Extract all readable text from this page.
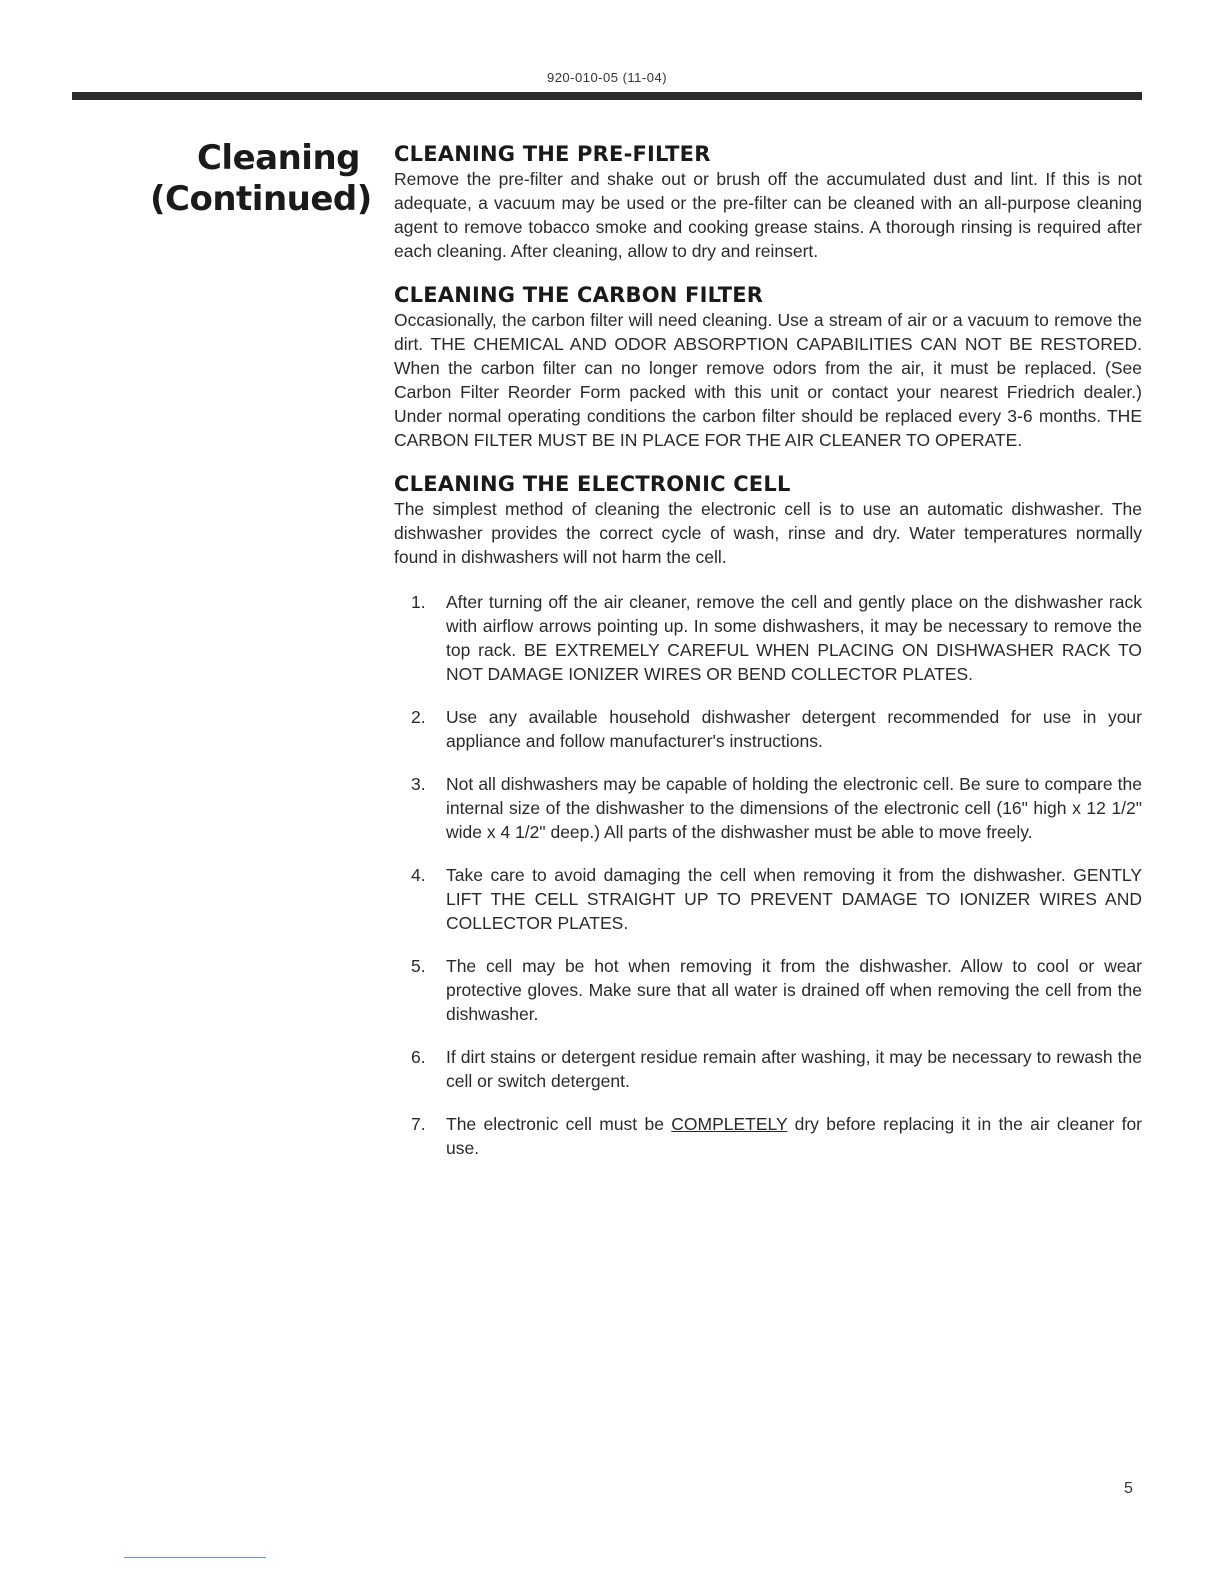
920-010-05 (11-04)
Cleaning
(Continued)
CLEANING THE PRE-FILTER

Remove the pre-filter and shake out or brush off the accumulated dust and lint. If this is not adequate, a vacuum may be used or the pre-filter can be cleaned with an all-purpose cleaning agent to remove tobacco smoke and cooking grease stains. A thorough rinsing is required after each cleaning. After cleaning, allow to dry and reinsert.

CLEANING THE CARBON FILTER

Occasionally, the carbon filter will need cleaning. Use a stream of air or a vacuum to remove the dirt. THE CHEMICAL AND ODOR ABSORPTION CAPABILITIES CAN NOT BE RESTORED. When the carbon filter can no longer remove odors from the air, it must be replaced. (See Carbon Filter Reorder Form packed with this unit or contact your nearest Friedrich dealer.) Under normal operating conditions the carbon filter should be replaced every 3-6 months. THE CARBON FILTER MUST BE IN PLACE FOR THE AIR CLEANER TO OPERATE.

CLEANING THE ELECTRONIC CELL

The simplest method of cleaning the electronic cell is to use an automatic dishwasher. The dishwasher provides the correct cycle of wash, rinse and dry. Water temperatures normally found in dishwashers will not harm the cell.

1. After turning off the air cleaner, remove the cell and gently place on the dishwasher rack with airflow arrows pointing up. In some dishwashers, it may be necessary to remove the top rack. BE EXTREMELY CAREFUL WHEN PLACING ON DISHWASHER RACK TO NOT DAMAGE IONIZER WIRES OR BEND COLLECTOR PLATES.
2. Use any available household dishwasher detergent recommended for use in your appliance and follow manufacturer's instructions.
3. Not all dishwashers may be capable of holding the electronic cell. Be sure to compare the internal size of the dishwasher to the dimensions of the electronic cell (16" high x 12 1/2" wide x 4 1/2" deep.) All parts of the dishwasher must be able to move freely.
4. Take care to avoid damaging the cell when removing it from the dishwasher. GENTLY LIFT THE CELL STRAIGHT UP TO PREVENT DAMAGE TO IONIZER WIRES AND COLLECTOR PLATES.
5. The cell may be hot when removing it from the dishwasher. Allow to cool or wear protective gloves. Make sure that all water is drained off when removing the cell from the dishwasher.
6. If dirt stains or detergent residue remain after washing, it may be necessary to rewash the cell or switch detergent.
7. The electronic cell must be COMPLETELY dry before replacing it in the air cleaner for use.
5
